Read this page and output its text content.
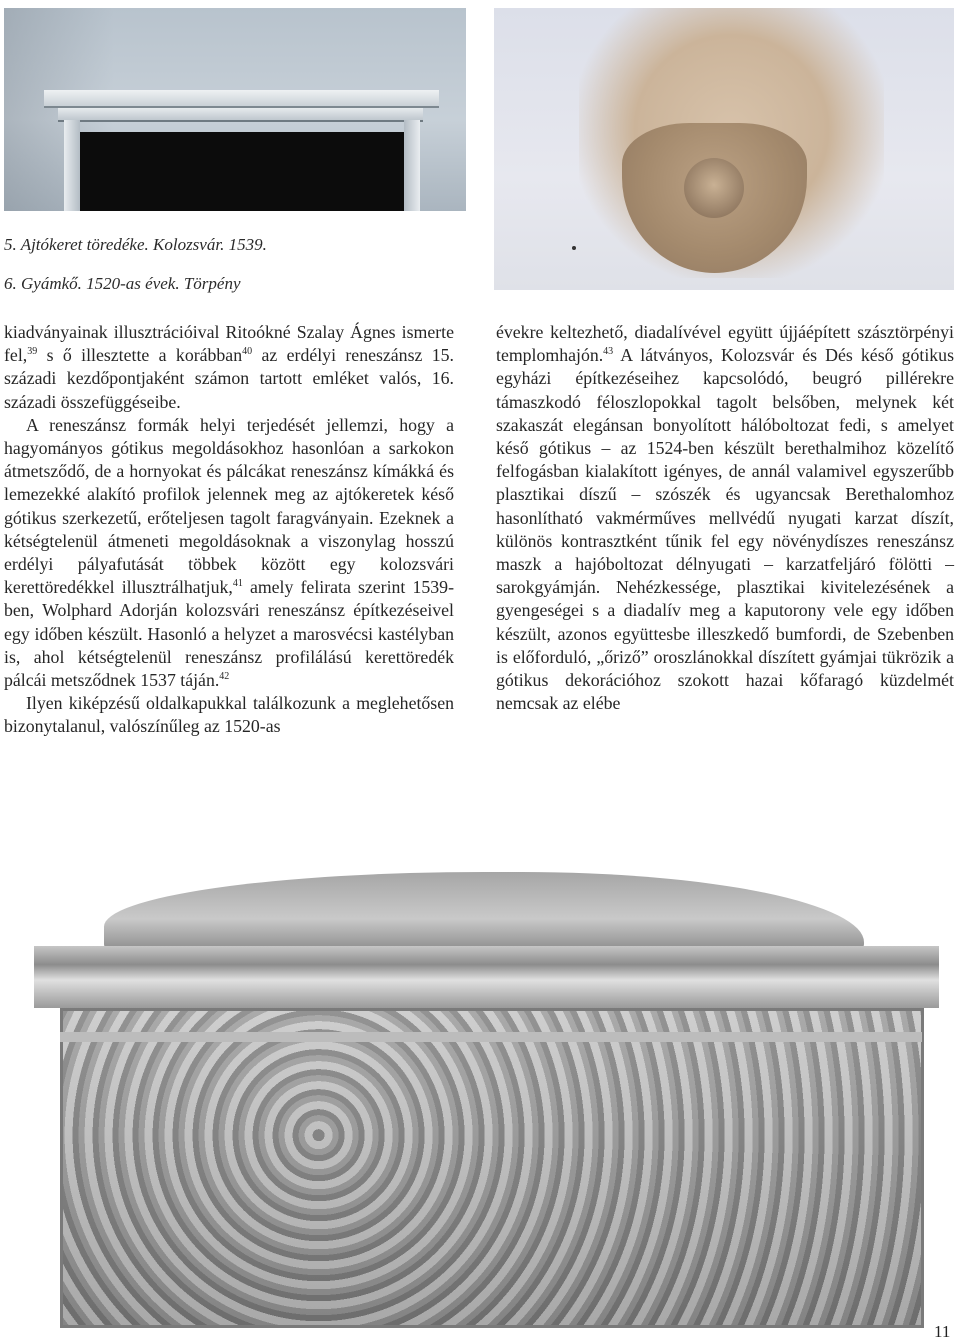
5. Ajtókeret töredéke. Kolozsvár. 1539.
6. Gyámkő. 1520-as évek. Törpény

kiadványainak illusztrációival Ritoókné Szalay Ágnes ismerte fel,$^{39}$ s ő illesztette a korábban$^{40}$ az erdélyi reneszánsz 15. századi kezdőpontjaként számon tartott emléket valós, 16. századi összefüggéseibe.

A reneszánsz formák helyi terjedését jellemzi, hogy a hagyományos gótikus megoldásokhoz hasonlóan a sarkokon átmetsződő, de a hornyokat és pálcákat reneszánsz kímákká és lemezekké alakító profilok jelennek meg az ajtókeretek késő gótikus szerkezetű, erőteljesen tagolt faragványain. Ezeknek a kétségtelenül átmeneti megoldásoknak a viszonylag hosszú erdélyi pályafutását többek között egy kolozsvári kerettöredékkel illusztrálhatjuk,$^{41}$ amely felirata szerint 1539-ben, Wolphard Adorján kolozsvári reneszánsz építkezéseivel egy időben készült. Hasonló a helyzet a marosvécsi kastélyban is, ahol kétségtelenül reneszánsz profilálású kerettöredék pálcái metsződnek 1537 táján.$^{42}$

Ilyen kiképzésű oldalkapukkal találkozunk a meglehetősen bizonytalanul, valószínűleg az 1520-as

évekre keltezhető, diadalívével együtt újjáépített szásztörpényi templomhajón.$^{43}$ A látványos, Kolozsvár és Dés késő gótikus egyházi építkezéseihez kapcsolódó, beugró pillérekre támaszkodó féloszlopokkal tagolt belsőben, melynek két szakaszát elegánsan bonyolított hálóboltozat fedi, s amelyet késő gótikus – az 1524-ben készült berethalmihoz közelítő felfogásban kialakított igényes, de annál valamivel egyszerűbb plasztikai díszű – szószék és ugyancsak Berethalomhoz hasonlítható vakmérműves mellvédű nyugati karzat díszít, különös kontrasztként tűnik fel egy növénydíszes reneszánsz maszk a hajóboltozat délnyugati – karzatfeljáró fölötti – sarokgyámján. Nehézkessége, plasztikai kivitelezésének a gyengeségei s a diadalív meg a kaputorony vele egy időben készült, azonos együttesbe illeszkedő bumfordi, de Szebenben is előforduló, „őriző” oroszlánokkal díszített gyámjai tükrözik a gótikus dekorációhoz szokott hazai kőfaragó küzdelmét nemcsak az elébe

11
